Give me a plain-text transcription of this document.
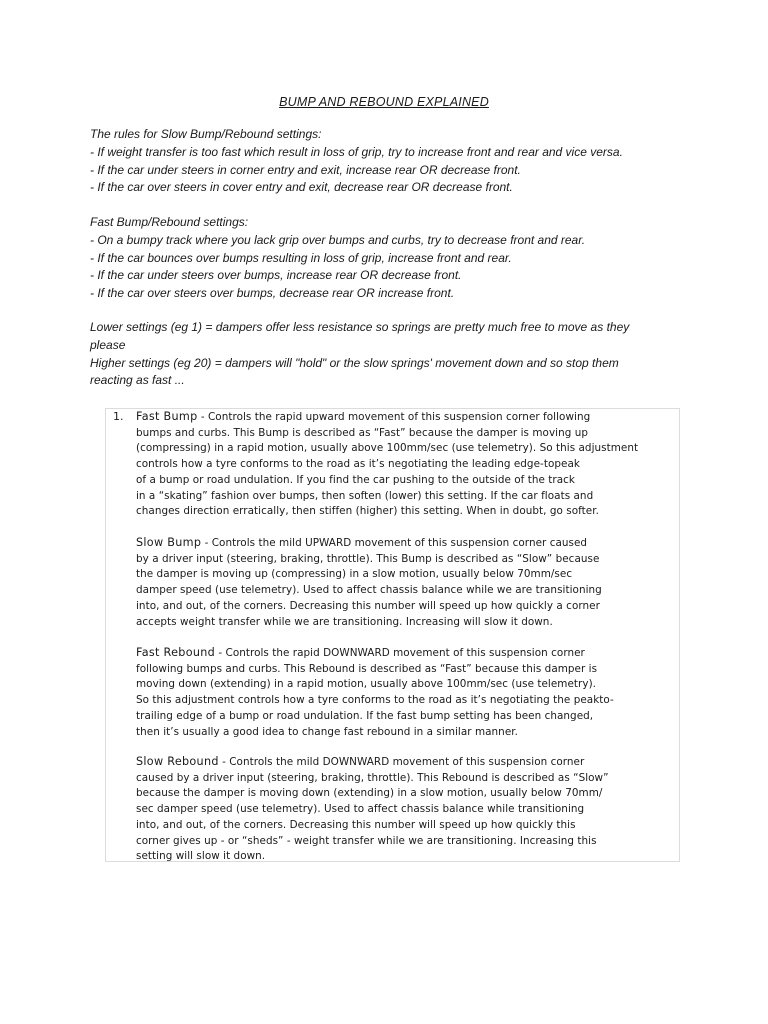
BUMP AND REBOUND EXPLAINED
The rules for Slow Bump/Rebound settings:
- If weight transfer is too fast which result in loss of grip, try to increase front and rear and vice versa.
- If the car under steers in corner entry and exit, increase rear OR decrease front.
- If the car over steers in cover entry and exit, decrease rear OR decrease front.
Fast Bump/Rebound settings:
- On a bumpy track where you lack grip over bumps and curbs, try to decrease front and rear.
- If the car bounces over bumps resulting in loss of grip, increase front and rear.
- If the car under steers over bumps, increase rear OR decrease front.
- If the car over steers over bumps, decrease rear OR increase front.
Lower settings (eg 1) = dampers offer less resistance so springs are pretty much free to move as they
please
Higher settings (eg 20) = dampers will "hold" or the slow springs' movement down and so stop them
reacting as fast ...
1. Fast Bump - Controls the rapid upward movement of this suspension corner following
bumps and curbs. This Bump is described as “Fast” because the damper is moving up
(compressing) in a rapid motion, usually above 100mm/sec (use telemetry). So this adjustment
controls how a tyre conforms to the road as it’s negotiating the leading edge-topeak
of a bump or road undulation. If you find the car pushing to the outside of the track
in a “skating” fashion over bumps, then soften (lower) this setting. If the car floats and
changes direction erratically, then stiffen (higher) this setting. When in doubt, go softer.
Slow Bump - Controls the mild UPWARD movement of this suspension corner caused
by a driver input (steering, braking, throttle). This Bump is described as “Slow” because
the damper is moving up (compressing) in a slow motion, usually below 70mm/sec
damper speed (use telemetry). Used to affect chassis balance while we are transitioning
into, and out, of the corners. Decreasing this number will speed up how quickly a corner
accepts weight transfer while we are transitioning. Increasing will slow it down.
Fast Rebound - Controls the rapid DOWNWARD movement of this suspension corner
following bumps and curbs. This Rebound is described as “Fast” because this damper is
moving down (extending) in a rapid motion, usually above 100mm/sec (use telemetry).
So this adjustment controls how a tyre conforms to the road as it’s negotiating the peakto-
trailing edge of a bump or road undulation. If the fast bump setting has been changed,
then it’s usually a good idea to change fast rebound in a similar manner.
Slow Rebound - Controls the mild DOWNWARD movement of this suspension corner
caused by a driver input (steering, braking, throttle). This Rebound is described as “Slow”
because the damper is moving down (extending) in a slow motion, usually below 70mm/
sec damper speed (use telemetry). Used to affect chassis balance while transitioning
into, and out, of the corners. Decreasing this number will speed up how quickly this
corner gives up - or “sheds” - weight transfer while we are transitioning. Increasing this
setting will slow it down.
